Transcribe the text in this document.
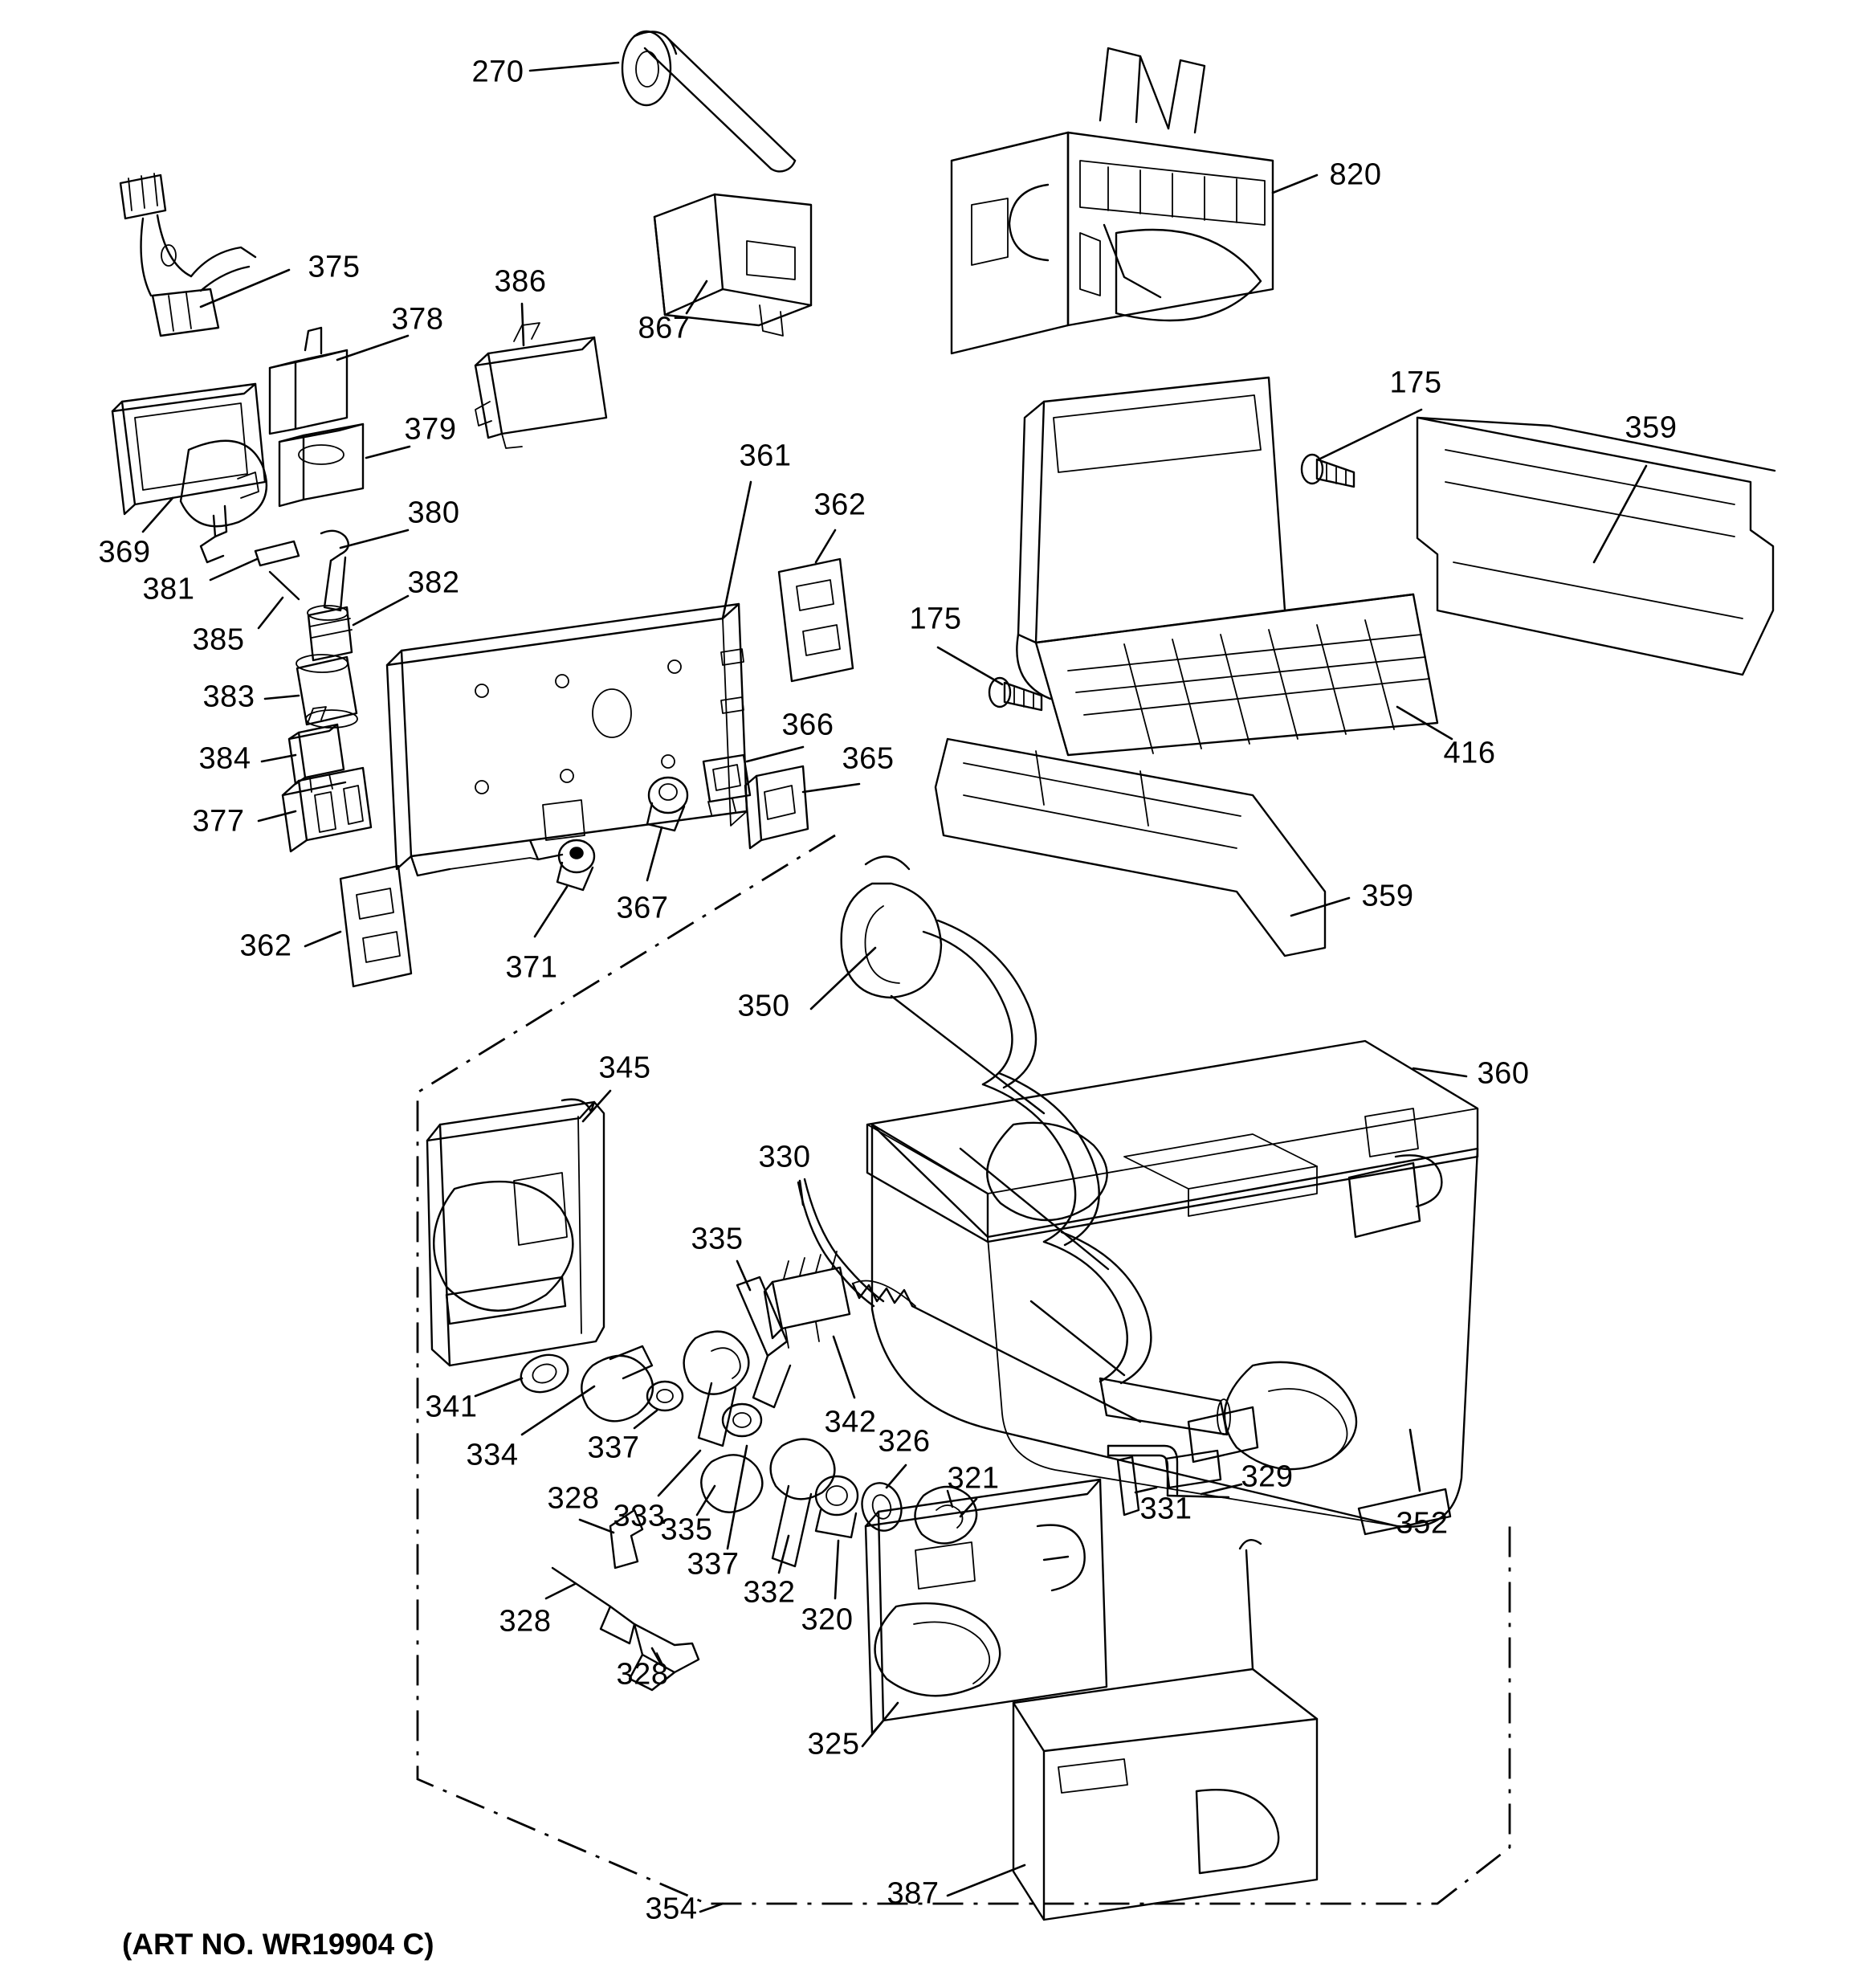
270
820
375
378
386
867
379
175
359
361
362
380
369
381	382
385
175
383
384
366
365
377
416
362
367
371
359
350
345	360
330
335
342
341
334 337	326
321
328
333
335
337
329
331	352
332
320
328
328
325
354	387
(ART NO. WR19904 C)
